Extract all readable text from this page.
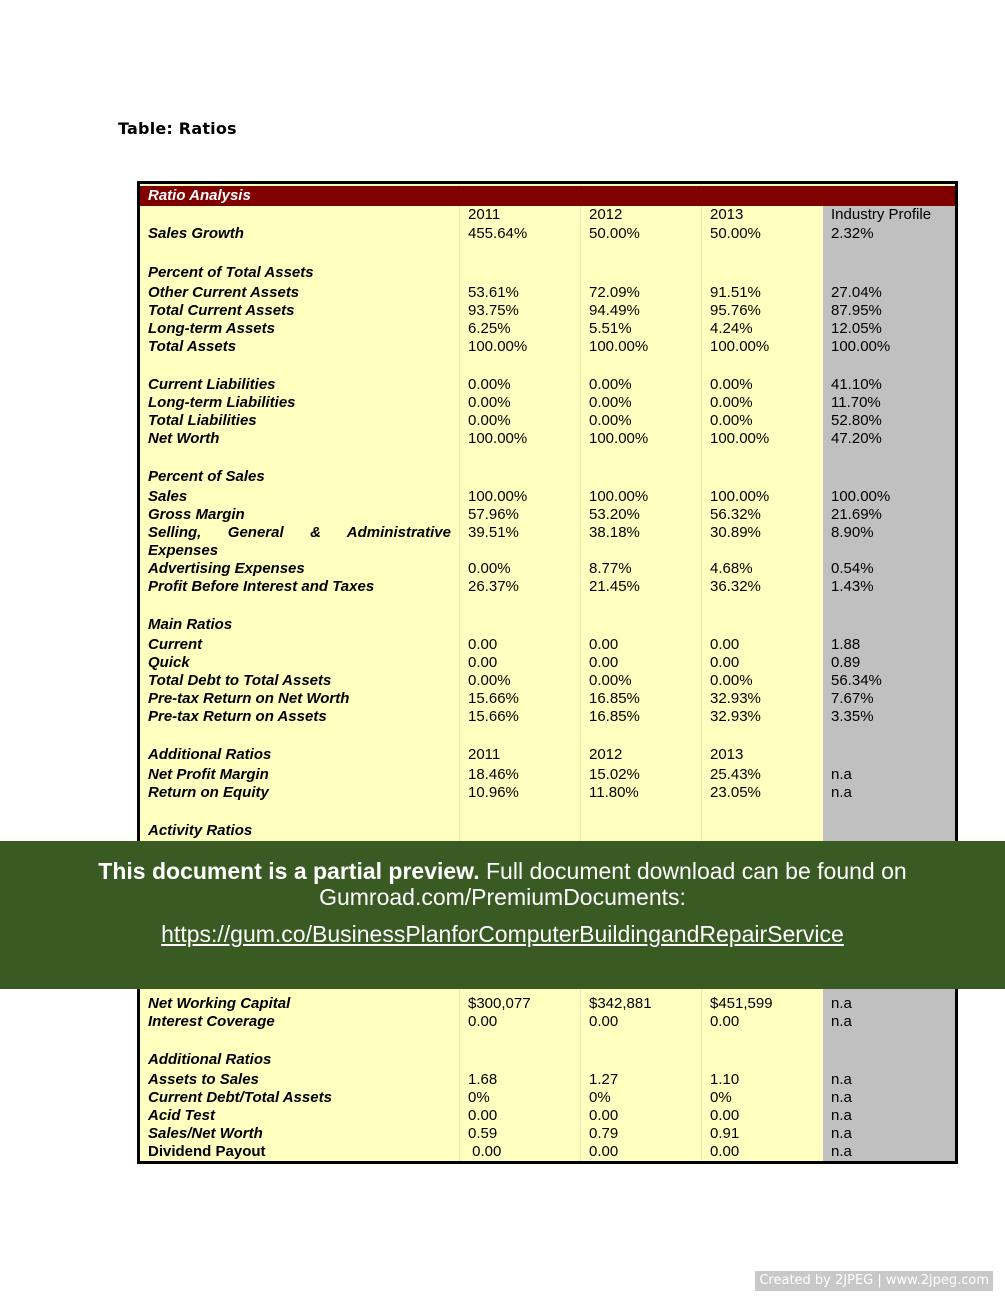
Table: Ratios
Ratio Analysis
2011	2012	2013	Industry Profile
Sales Growth	455.64%	50.00%	50.00%	2.32%
Percent of Total Assets
Other Current Assets	53.61%	72.09%	91.51%	27.04%
Total Current Assets	93.75%	94.49%	95.76%	87.95%
Long-term Assets	6.25%	5.51%	4.24%	12.05%
Total Assets	100.00%	100.00%	100.00%	100.00%
Current Liabilities	0.00%	0.00%	0.00%	41.10%
Long-term Liabilities	0.00%	0.00%	0.00%	11.70%
Total Liabilities	0.00%	0.00%	0.00%	52.80%
Net Worth	100.00%	100.00%	100.00%	47.20%
Percent of Sales
Sales	100.00%	100.00%	100.00%	100.00%
Gross Margin	57.96%	53.20%	56.32%	21.69%
Selling, General & Administrative
Expenses
39.51%	38.18%	30.89%	8.90%
Advertising Expenses	0.00%	8.77%	4.68%	0.54%
Profit Before Interest and Taxes	26.37%	21.45%	36.32%	1.43%
Main Ratios
Current	0.00	0.00	0.00	1.88
Quick	0.00	0.00	0.00	0.89
Total Debt to Total Assets	0.00%	0.00%	0.00%	56.34%
Pre-tax Return on Net Worth	15.66%	16.85%	32.93%	7.67%
Pre-tax Return on Assets	15.66%	16.85%	32.93%	3.35%
Additional Ratios	2011	2012	2013
Net Profit Margin	18.46%	15.02%	25.43%	n.a
Return on Equity	10.96%	11.80%	23.05%	n.a
Activity Ratios
Net Working Capital	$300,077	$342,881	$451,599	n.a
Interest Coverage	0.00	0.00	0.00	n.a
Additional Ratios
Assets to Sales	1.68	1.27	1.10	n.a
Current Debt/Total Assets	0%	0%	0%	n.a
Acid Test	0.00	0.00	0.00	n.a
Sales/Net Worth	0.59	0.79	0.91	n.a
Dividend Payout	0.00	0.00	0.00	n.a
This document is a partial preview. Full document download can be found on
Gumroad.com/PremiumDocuments:
https://gum.co/BusinessPlanforComputerBuildingandRepairService
Created by 2JPEG | www.2jpeg.com
